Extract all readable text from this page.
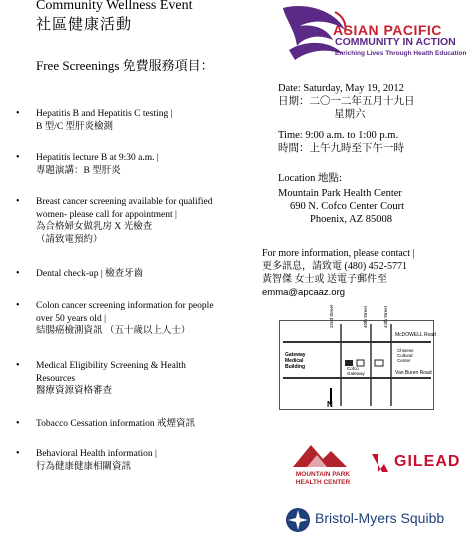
Community Wellness Event
社區健康活動
Free Screenings 免費服務項目：
• Hepatitis B and Hepatitis C testing |
B 型/C 型肝炎檢測
• Hepatitis lecture B at 9:30 a.m. |
專題演講：B 型肝炎
• Breast cancer screening available for qualified
women- please call for appointment |
為合格婦女做乳房 X 光檢查
（請致電預約）
• Dental check-up | 檢查牙齒
• Colon cancer screening information for people
over 50 years old |
結腸癌檢測資訊 （五十歲以上人士）
• Medical Eligibility Screening & Health
Resources
醫療資源資格審查
• Tobacco Cessation information 戒煙資訊
• Behavioral Health information |
行為健康健康相關資訊
ASIAN PACIFIC
COMMUNITY IN ACTION
Enriching Lives Through Health Education
Date: Saturday, May 19, 2012
日期：二〇一二年五月十九日
星期六
Time: 9:00 a.m. to 1:00 p.m.
時間：上午九時至下午一時
Location 地點:
Mountain Park Health Center
690 N. Cofco Center Court
Phoenix, AZ 85008
For more information, please contact |
更多訊息，請致電 (480) 452-5771
黃智傑 女士或 送電子郵件至
emma@apcaaz.org
McDOWELL Road
Van Buren Road
32nd Street	40th Street	44th Street
Gateway
Medical
Building	Cofco
Gateway
Chinese
Cultural
Center
N
MOUNTAIN PARK
HEALTH CENTER
GILEAD
Bristol-Myers Squibb
